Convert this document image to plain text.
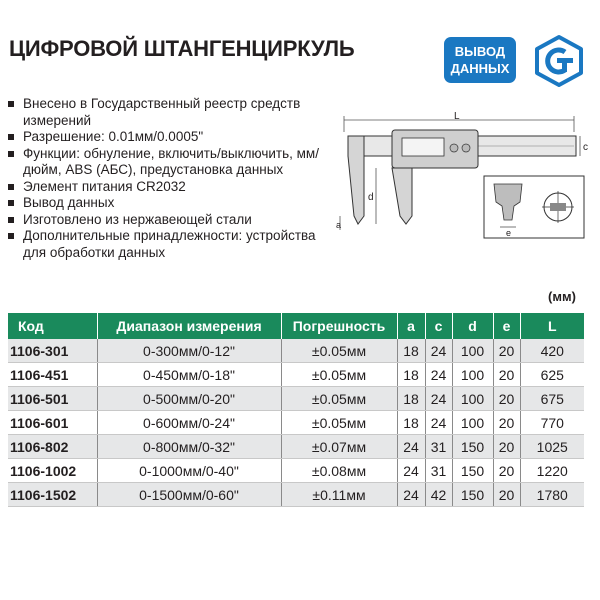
ЦИФРОВОЙ ШТАНГЕНЦИРКУЛЬ	ВЫВОД
ДАННЫХ
Внесено в Государственный реестр средств измерений
Разрешение: 0.01мм/0.0005"
Функции: обнуление, включить/выключить, мм/дюйм, ABS (АБС), предустановка данных
Элемент питания CR2032
Вывод данных
Изготовлено из нержавеющей стали
Дополнительные принадлежности: устройства для обработки данных
L
c
d
a
e
(мм)
Код	Диапазон измерения	Погрешность	a	c	d	e	L
1106-301	0-300мм/0-12"	±0.05мм	18	24	100	20	420
1106-451	0-450мм/0-18"	±0.05мм	18	24	100	20	625
1106-501	0-500мм/0-20"	±0.05мм	18	24	100	20	675
1106-601	0-600мм/0-24"	±0.05мм	18	24	100	20	770
1106-802	0-800мм/0-32"	±0.07мм	24	31	150	20	1025
1106-1002	0-1000мм/0-40"	±0.08мм	24	31	150	20	1220
1106-1502	0-1500мм/0-60"	±0.11мм	24	42	150	20	1780
